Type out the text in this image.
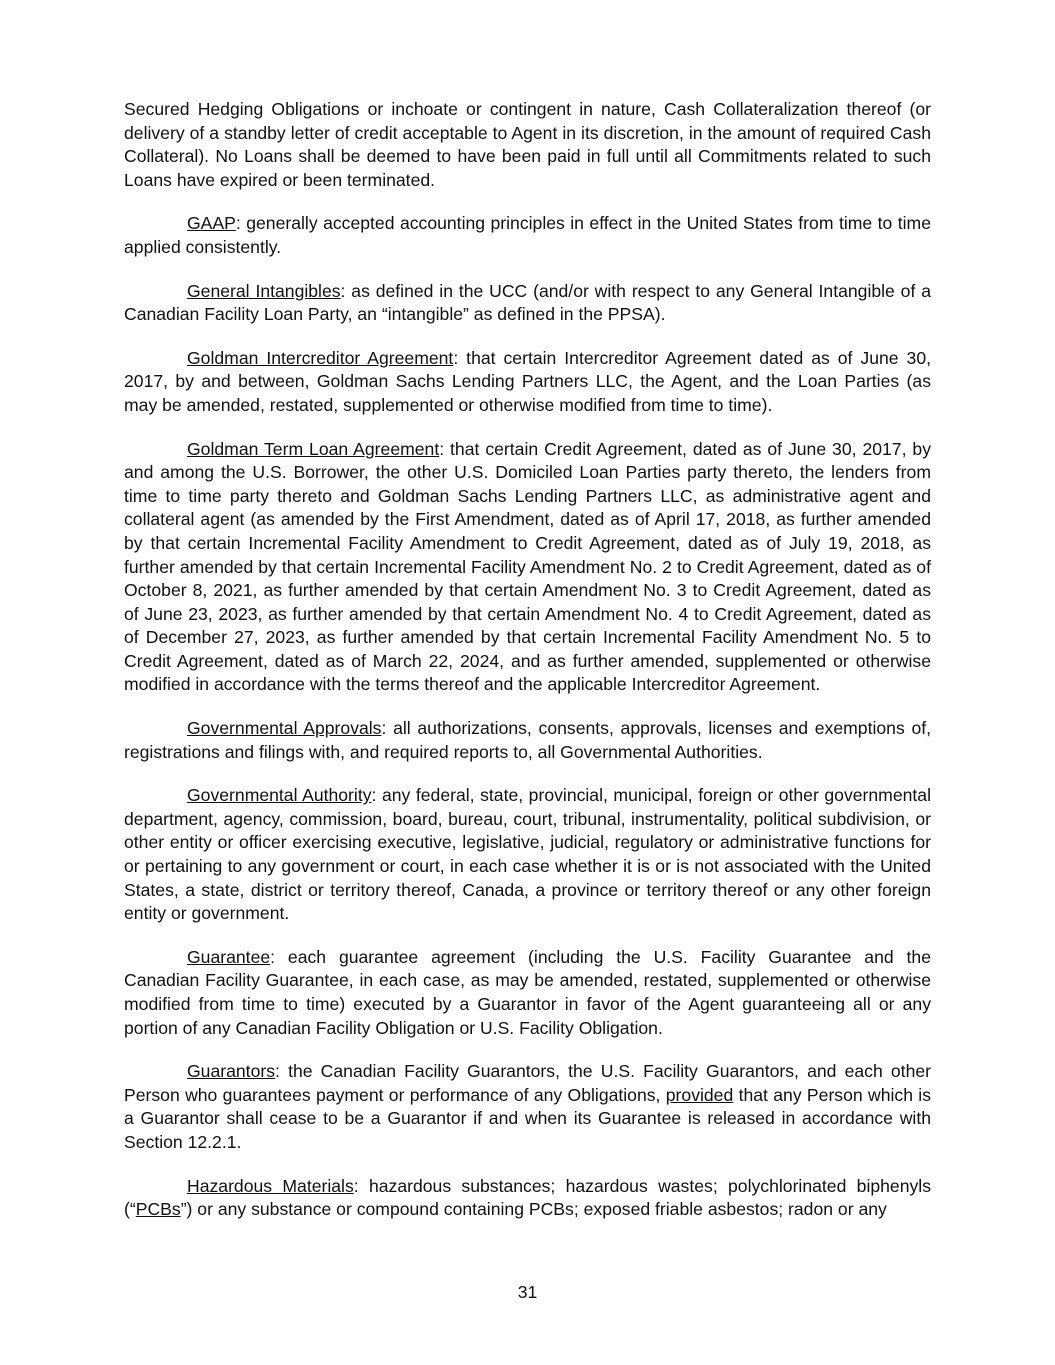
Secured Hedging Obligations or inchoate or contingent in nature, Cash Collateralization thereof (or delivery of a standby letter of credit acceptable to Agent in its discretion, in the amount of required Cash Collateral). No Loans shall be deemed to have been paid in full until all Commitments related to such Loans have expired or been terminated.

GAAP: generally accepted accounting principles in effect in the United States from time to time applied consistently.

General Intangibles: as defined in the UCC (and/or with respect to any General Intangible of a Canadian Facility Loan Party, an “intangible” as defined in the PPSA).

Goldman Intercreditor Agreement: that certain Intercreditor Agreement dated as of June 30, 2017, by and between, Goldman Sachs Lending Partners LLC, the Agent, and the Loan Parties (as may be amended, restated, supplemented or otherwise modified from time to time).

Goldman Term Loan Agreement: that certain Credit Agreement, dated as of June 30, 2017, by and among the U.S. Borrower, the other U.S. Domiciled Loan Parties party thereto, the lenders from time to time party thereto and Goldman Sachs Lending Partners LLC, as administrative agent and collateral agent (as amended by the First Amendment, dated as of April 17, 2018, as further amended by that certain Incremental Facility Amendment to Credit Agreement, dated as of July 19, 2018, as further amended by that certain Incremental Facility Amendment No. 2 to Credit Agreement, dated as of October 8, 2021, as further amended by that certain Amendment No. 3 to Credit Agreement, dated as of June 23, 2023, as further amended by that certain Amendment No. 4 to Credit Agreement, dated as of December 27, 2023, as further amended by that certain Incremental Facility Amendment No. 5 to Credit Agreement, dated as of March 22, 2024, and as further amended, supplemented or otherwise modified in accordance with the terms thereof and the applicable Intercreditor Agreement.

Governmental Approvals: all authorizations, consents, approvals, licenses and exemptions of, registrations and filings with, and required reports to, all Governmental Authorities.

Governmental Authority: any federal, state, provincial, municipal, foreign or other governmental department, agency, commission, board, bureau, court, tribunal, instrumentality, political subdivision, or other entity or officer exercising executive, legislative, judicial, regulatory or administrative functions for or pertaining to any government or court, in each case whether it is or is not associated with the United States, a state, district or territory thereof, Canada, a province or territory thereof or any other foreign entity or government.

Guarantee: each guarantee agreement (including the U.S. Facility Guarantee and the Canadian Facility Guarantee, in each case, as may be amended, restated, supplemented or otherwise modified from time to time) executed by a Guarantor in favor of the Agent guaranteeing all or any portion of any Canadian Facility Obligation or U.S. Facility Obligation.

Guarantors: the Canadian Facility Guarantors, the U.S. Facility Guarantors, and each other Person who guarantees payment or performance of any Obligations, provided that any Person which is a Guarantor shall cease to be a Guarantor if and when its Guarantee is released in accordance with Section 12.2.1.

Hazardous Materials: hazardous substances; hazardous wastes; polychlorinated biphenyls (“PCBs”) or any substance or compound containing PCBs; exposed friable asbestos; radon or any

31
